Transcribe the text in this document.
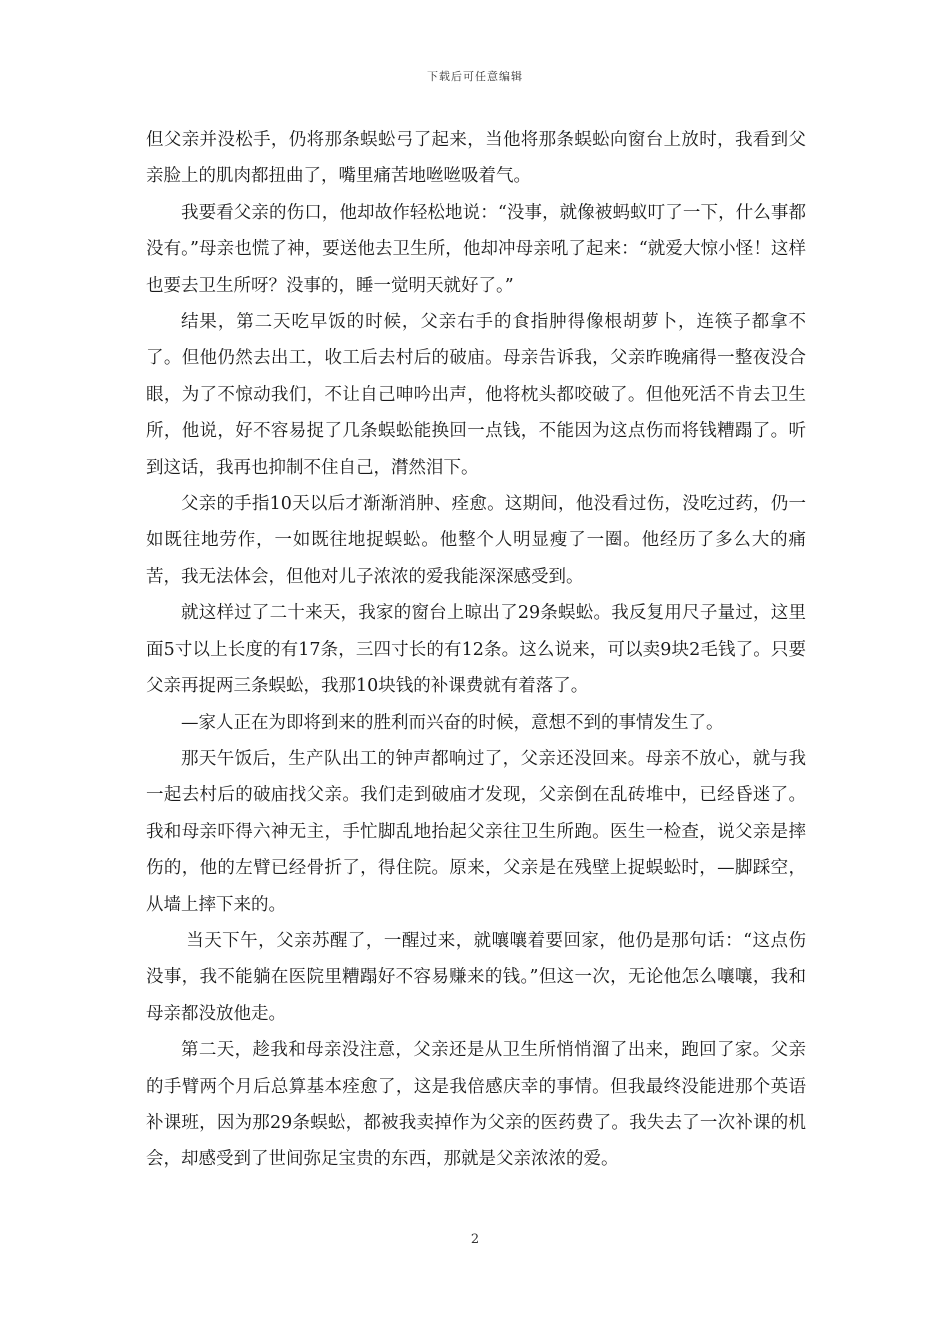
下载后可任意编辑

但父亲并没松手，仍将那条蜈蚣弓了起来，当他将那条蜈蚣向窗台上放时，我看到父亲脸上的肌肉都扭曲了，嘴里痛苦地咝咝吸着气。

我要看父亲的伤口，他却故作轻松地说：“没事，就像被蚂蚁叮了一下，什么事都没有。”母亲也慌了神，要送他去卫生所，他却冲母亲吼了起来：“就爱大惊小怪！这样也要去卫生所呀？没事的，睡一觉明天就好了。”

结果，第二天吃早饭的时候，父亲右手的食指肿得像根胡萝卜，连筷子都拿不了。但他仍然去出工，收工后去村后的破庙。母亲告诉我，父亲昨晚痛得一整夜没合眼，为了不惊动我们，不让自己呻吟出声，他将枕头都咬破了。但他死活不肯去卫生所，他说，好不容易捉了几条蜈蚣能换回一点钱，不能因为这点伤而将钱糟蹋了。听到这话，我再也抑制不住自己，潸然泪下。

父亲的手指10天以后才渐渐消肿、痊愈。这期间，他没看过伤，没吃过药，仍一如既往地劳作，一如既往地捉蜈蚣。他整个人明显瘦了一圈。他经历了多么大的痛苦，我无法体会，但他对儿子浓浓的爱我能深深感受到。

就这样过了二十来天，我家的窗台上晾出了29条蜈蚣。我反复用尺子量过，这里面5寸以上长度的有17条，三四寸长的有12条。这么说来，可以卖9块2毛钱了。只要父亲再捉两三条蜈蚣，我那10块钱的补课费就有着落了。

—家人正在为即将到来的胜利而兴奋的时候，意想不到的事情发生了。

那天午饭后，生产队出工的钟声都响过了，父亲还没回来。母亲不放心，就与我一起去村后的破庙找父亲。我们走到破庙才发现，父亲倒在乱砖堆中，已经昏迷了。我和母亲吓得六神无主，手忙脚乱地抬起父亲往卫生所跑。医生一检查，说父亲是摔伤的，他的左臂已经骨折了，得住院。原来，父亲是在残壁上捉蜈蚣时，—脚踩空，从墙上摔下来的。

当天下午，父亲苏醒了，一醒过来，就嚷嚷着要回家，他仍是那句话：“这点伤没事，我不能躺在医院里糟蹋好不容易赚来的钱。”但这一次，无论他怎么嚷嚷，我和母亲都没放他走。

第二天，趁我和母亲没注意，父亲还是从卫生所悄悄溜了出来，跑回了家。父亲的手臂两个月后总算基本痊愈了，这是我倍感庆幸的事情。但我最终没能进那个英语补课班，因为那29条蜈蚣，都被我卖掉作为父亲的医药费了。我失去了一次补课的机会，却感受到了世间弥足宝贵的东西，那就是父亲浓浓的爱。

2
